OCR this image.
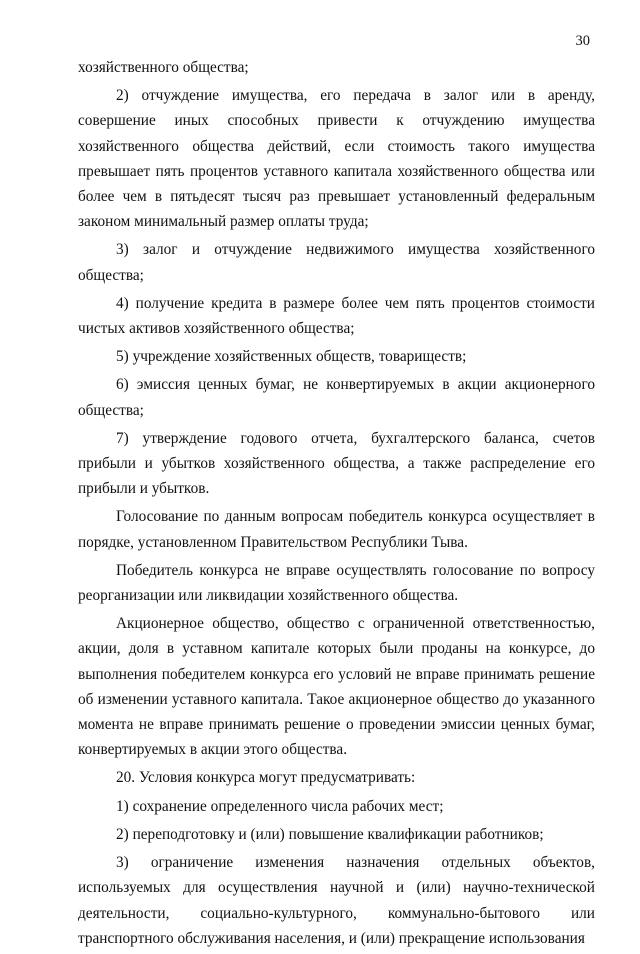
30

хозяйственного общества;

2) отчуждение имущества, его передача в залог или в аренду, совершение иных способных привести к отчуждению имущества хозяйственного общества действий, если стоимость такого имущества превышает пять процентов уставного капитала хозяйственного общества или более чем в пятьдесят тысяч раз превышает установленный федеральным законом минимальный размер оплаты труда;

3) залог и отчуждение недвижимого имущества хозяйственного общества;

4) получение кредита в размере более чем пять процентов стоимости чистых активов хозяйственного общества;

5) учреждение хозяйственных обществ, товариществ;

6) эмиссия ценных бумаг, не конвертируемых в акции акционерного общества;

7) утверждение годового отчета, бухгалтерского баланса, счетов прибыли и убытков хозяйственного общества, а также распределение его прибыли и убытков.

Голосование по данным вопросам победитель конкурса осуществляет в порядке, установленном Правительством Республики Тыва.

Победитель конкурса не вправе осуществлять голосование по вопросу реорганизации или ликвидации хозяйственного общества.

Акционерное общество, общество с ограниченной ответственностью, акции, доля в уставном капитале которых были проданы на конкурсе, до выполнения победителем конкурса его условий не вправе принимать решение об изменении уставного капитала. Такое акционерное общество до указанного момента не вправе принимать решение о проведении эмиссии ценных бумаг, конвертируемых в акции этого общества.

20. Условия конкурса могут предусматривать:

1) сохранение определенного числа рабочих мест;

2) переподготовку и (или) повышение квалификации работников;

3) ограничение изменения назначения отдельных объектов, используемых для осуществления научной и (или) научно-технической деятельности, социально-культурного, коммунально-бытового или транспортного обслуживания населения, и (или) прекращение использования
